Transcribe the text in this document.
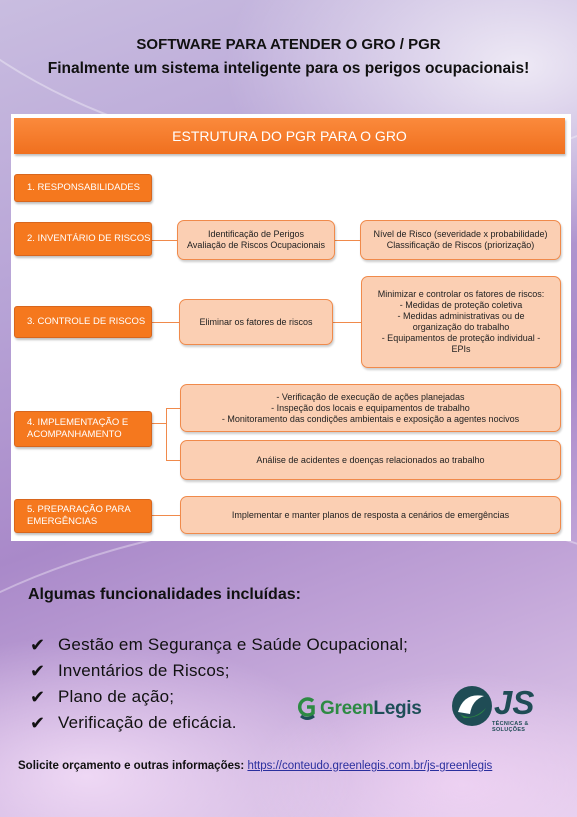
SOFTWARE PARA ATENDER O GRO / PGR
Finalmente um sistema inteligente para os perigos ocupacionais!
ESTRUTURA DO PGR PARA O GRO
1. RESPONSABILIDADES
2. INVENTÁRIO DE RISCOS
3. CONTROLE DE RISCOS
4. IMPLEMENTAÇÃO E
ACOMPANHAMENTO
5. PREPARAÇÃO PARA
EMERGÊNCIAS
Identificação de Perigos
Avaliação de Riscos Ocupacionais
Nível de Risco (severidade x probabilidade)
Classificação de Riscos (priorização)
Eliminar os fatores de riscos
Minimizar e controlar os fatores de riscos:
- Medidas de proteção coletiva
- Medidas administrativas ou de
organização do trabalho
- Equipamentos de proteção individual -
EPIs
- Verificação de execução de ações planejadas
- Inspeção dos locais e equipamentos de trabalho
- Monitoramento das condições ambientais e exposição a agentes nocivos
Análise de acidentes e doenças relacionados ao trabalho
Implementar e manter planos de resposta a cenários de emergências
Algumas funcionalidades incluídas:
✔ Gestão em Segurança e Saúde Ocupacional;
✔ Inventários de Riscos;
✔ Plano de ação;
✔ Verificação de eficácia.
GreenLegis JS
TÉCNICAS & SOLUÇÕES
Solicite orçamento e outras informações: https://conteudo.greenlegis.com.br/js-greenlegis
